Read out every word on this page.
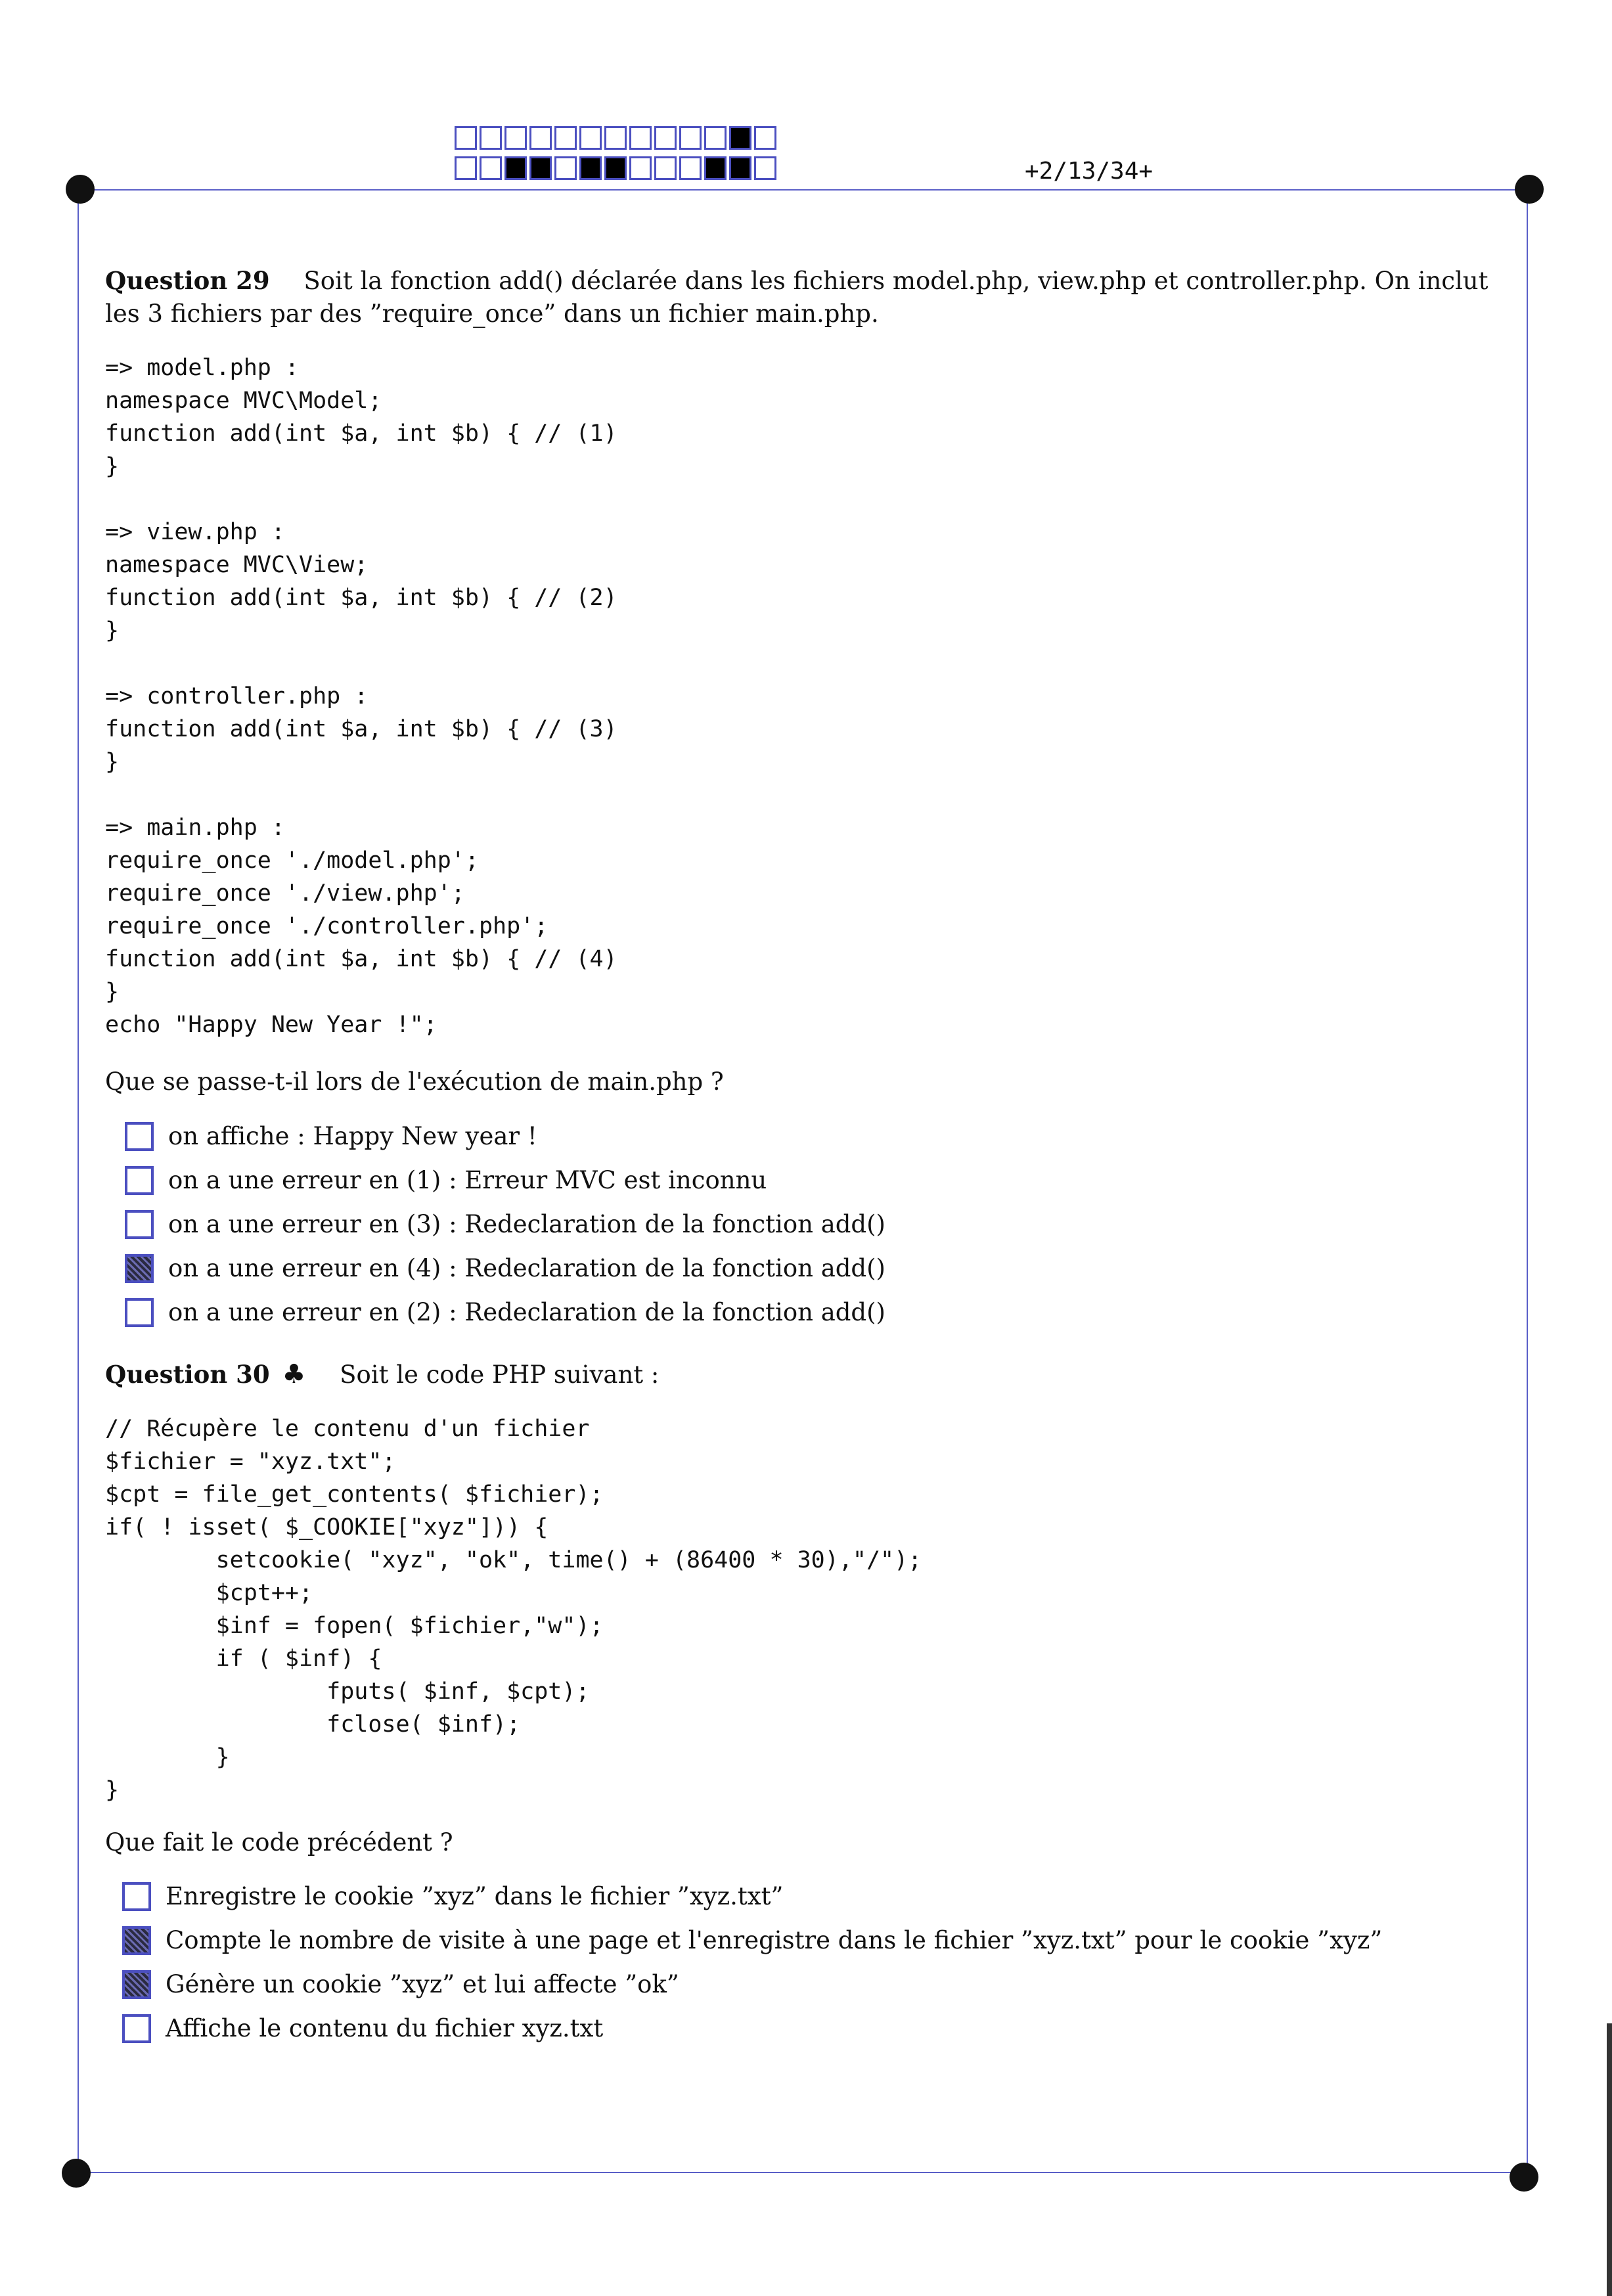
+2/13/34+
Question 29 Soit la fonction add() déclarée dans les fichiers model.php, view.php et controller.php. On inclut les 3 fichiers par des ”require_once” dans un fichier main.php.
=> model.php :
namespace MVC\Model;
function add(int $a, int $b) { // (1)
}

=> view.php :
namespace MVC\View;
function add(int $a, int $b) { // (2)
}

=> controller.php :
function add(int $a, int $b) { // (3)
}

=> main.php :
require_once './model.php';
require_once './view.php';
require_once './controller.php';
function add(int $a, int $b) { // (4)
}
echo "Happy New Year !";
Que se passe-t-il lors de l'exécution de main.php ?
on affiche : Happy New year !
on a une erreur en (1) : Erreur MVC est inconnu
on a une erreur en (3) : Redeclaration de la fonction add()
on a une erreur en (4) : Redeclaration de la fonction add()
on a une erreur en (2) : Redeclaration de la fonction add()
Question 30 ♣ Soit le code PHP suivant :
// Récupère le contenu d'un fichier
$fichier = "xyz.txt";
$cpt = file_get_contents( $fichier);
if( ! isset( $_COOKIE["xyz"])) {
setcookie( "xyz", "ok", time() + (86400 * 30),"/");
$cpt++;
$inf = fopen( $fichier,"w");
if ( $inf) {
fputs( $inf, $cpt);
fclose( $inf);
}
}
Que fait le code précédent ?
Enregistre le cookie ”xyz” dans le fichier ”xyz.txt”
Compte le nombre de visite à une page et l'enregistre dans le fichier ”xyz.txt” pour le cookie ”xyz”
Génère un cookie ”xyz” et lui affecte ”ok”
Affiche le contenu du fichier xyz.txt
